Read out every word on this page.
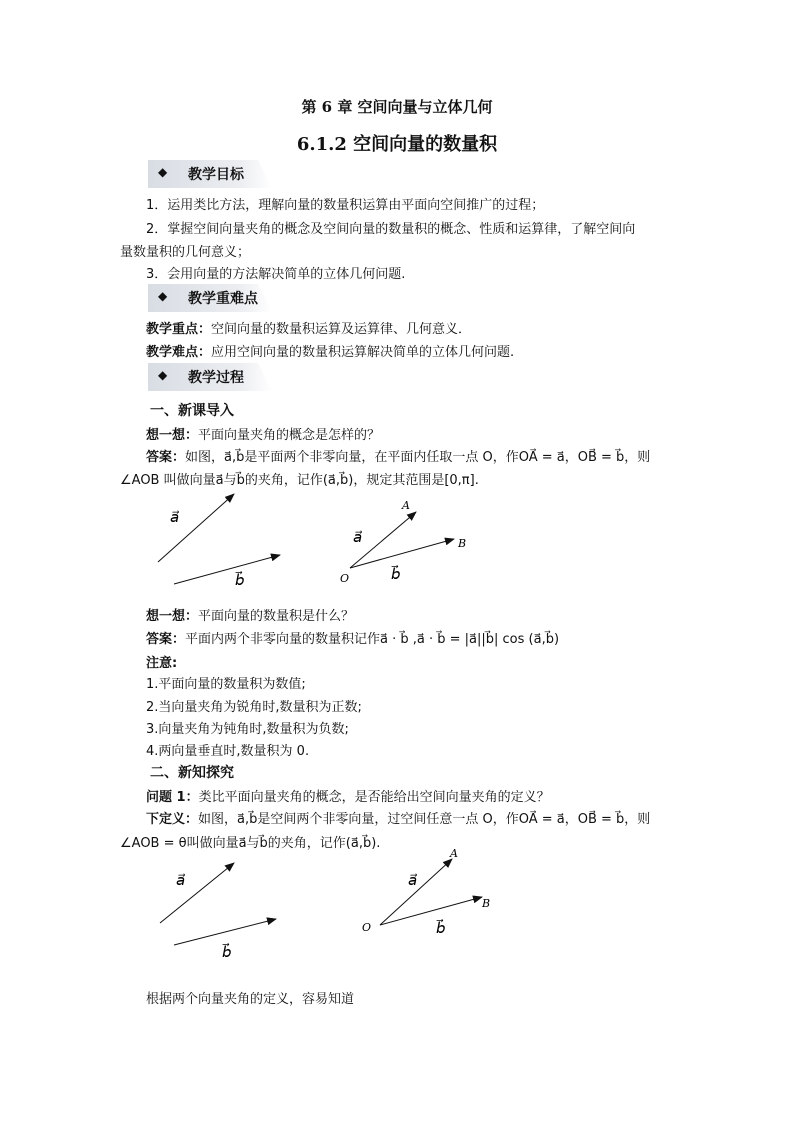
第 6 章 空间向量与立体几何
6.1.2 空间向量的数量积
◆ 教学目标
1．运用类比方法，理解向量的数量积运算由平面向空间推广的过程；
2．掌握空间向量夹角的概念及空间向量的数量积的概念、性质和运算律，了解空间向
量数量积的几何意义；
3．会用向量的方法解决简单的立体几何问题.
◆ 教学重难点
教学重点：空间向量的数量积运算及运算律、几何意义．
教学难点：应用空间向量的数量积运算解决简单的立体几何问题.
◆ 教学过程
一、新课导入
想一想：平面向量夹角的概念是怎样的？
答案：如图，a⃗,b⃗是平面两个非零向量，在平面内任取一点 O，作OA⃗ = a⃗，OB⃗ = b⃗，则
∠AOB 叫做向量a⃗与b⃗的夹角，记作(a⃗,b⃗)，规定其范围是[0,π].
a⃗
b⃗
a⃗
b⃗
A
B
O
想一想：平面向量的数量积是什么？
答案：平面内两个非零向量的数量积记作a⃗ · b⃗ ,a⃗ · b⃗ = |a⃗||b⃗| cos (a⃗,b⃗)
注意:
1.平面向量的数量积为数值;
2.当向量夹角为锐角时,数量积为正数;
3.向量夹角为钝角时,数量积为负数;
4.两向量垂直时,数量积为 0.
二、新知探究
问题 1：类比平面向量夹角的概念，是否能给出空间向量夹角的定义？
下定义：如图，a⃗,b⃗是空间两个非零向量，过空间任意一点 O，作OA⃗ = a⃗，OB⃗ = b⃗，则
∠AOB = θ叫做向量a⃗与b⃗的夹角，记作(a⃗,b⃗).
a⃗
b⃗
a⃗
b⃗
A
B
O
根据两个向量夹角的定义，容易知道
